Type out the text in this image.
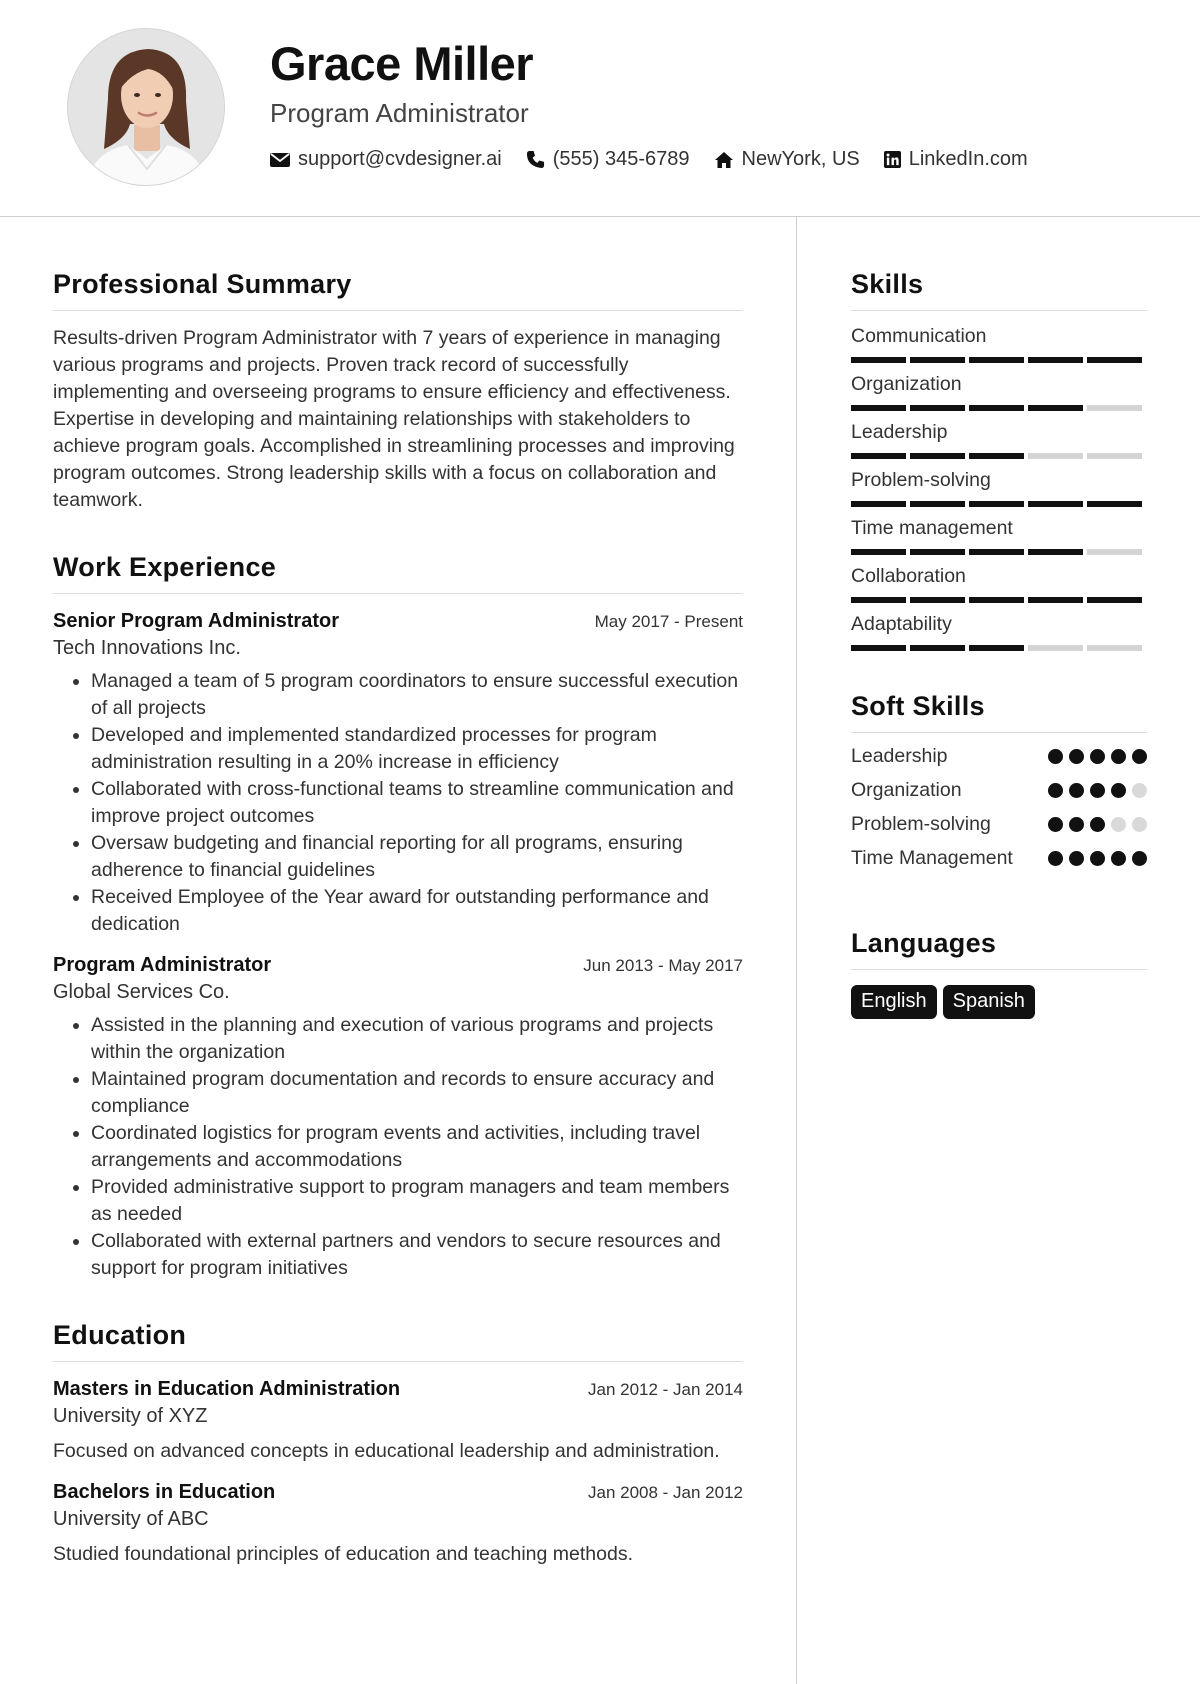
Grace Miller
Program Administrator
support@cvdesigner.ai	(555) 345-6789	NewYork, US LinkedIn.com
Professional Summary
Results-driven Program Administrator with 7 years of experience in managing various programs and projects. Proven track record of successfully implementing and overseeing programs to ensure efficiency and effectiveness. Expertise in developing and maintaining relationships with stakeholders to achieve program goals. Accomplished in streamlining processes and improving program outcomes. Strong leadership skills with a focus on collaboration and teamwork.
Work Experience
Senior Program Administrator	May 2017 - Present
Tech Innovations Inc.
• Managed a team of 5 program coordinators to ensure successful execution of all projects
• Developed and implemented standardized processes for program administration resulting in a 20% increase in efficiency
• Collaborated with cross-functional teams to streamline communication and improve project outcomes
• Oversaw budgeting and financial reporting for all programs, ensuring adherence to financial guidelines
• Received Employee of the Year award for outstanding performance and dedication
Program Administrator	Jun 2013 - May 2017
Global Services Co.
• Assisted in the planning and execution of various programs and projects within the organization
• Maintained program documentation and records to ensure accuracy and compliance
• Coordinated logistics for program events and activities, including travel arrangements and accommodations
• Provided administrative support to program managers and team members as needed
• Collaborated with external partners and vendors to secure resources and support for program initiatives
Education
Masters in Education Administration	Jan 2012 - Jan 2014
University of XYZ
Focused on advanced concepts in educational leadership and administration.
Bachelors in Education	Jan 2008 - Jan 2012
University of ABC
Studied foundational principles of education and teaching methods.
Skills
Communication
Organization
Leadership
Problem-solving
Time management
Collaboration
Adaptability
Soft Skills
Leadership
Organization
Problem-solving
Time Management
Languages
English	Spanish
